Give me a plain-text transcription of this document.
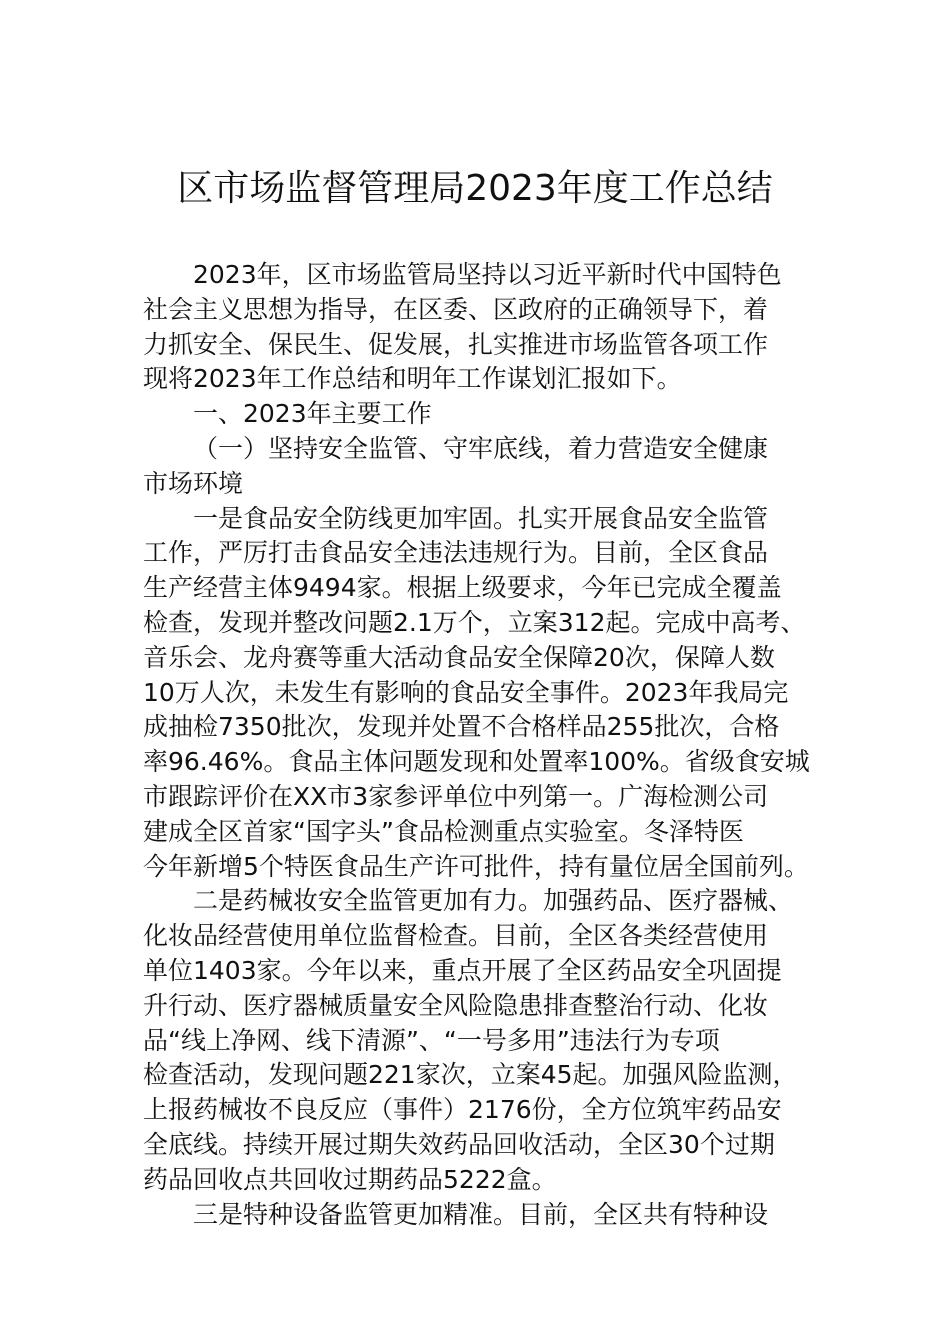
区市场监督管理局2023年度工作总结
2023年，区市场监管局坚持以习近平新时代中国特色
社会主义思想为指导，在区委、区政府的正确领导下，着
力抓安全、保民生、促发展，扎实推进市场监管各项工作
现将2023年工作总结和明年工作谋划汇报如下。
一、2023年主要工作
（一）坚持安全监管、守牢底线，着力营造安全健康
市场环境
一是食品安全防线更加牢固。扎实开展食品安全监管
工作，严厉打击食品安全违法违规行为。目前，全区食品
生产经营主体9494家。根据上级要求，今年已完成全覆盖
检查，发现并整改问题2.1万个，立案312起。完成中高考、
音乐会、龙舟赛等重大活动食品安全保障20次，保障人数
10万人次，未发生有影响的食品安全事件。2023年我局完
成抽检7350批次，发现并处置不合格样品255批次，合格
率96.46%。食品主体问题发现和处置率100%。省级食安城
市跟踪评价在XX市3家参评单位中列第一。广海检测公司
建成全区首家“国字头”食品检测重点实验室。冬泽特医
今年新增5个特医食品生产许可批件，持有量位居全国前列。
二是药械妆安全监管更加有力。加强药品、医疗器械、
化妆品经营使用单位监督检查。目前，全区各类经营使用
单位1403家。今年以来，重点开展了全区药品安全巩固提
升行动、医疗器械质量安全风险隐患排查整治行动、化妆
品“线上净网、线下清源”、“一号多用”违法行为专项
检查活动，发现问题221家次，立案45起。加强风险监测，
上报药械妆不良反应（事件）2176份，全方位筑牢药品安
全底线。持续开展过期失效药品回收活动，全区30个过期
药品回收点共回收过期药品5222盒。
三是特种设备监管更加精准。目前，全区共有特种设
